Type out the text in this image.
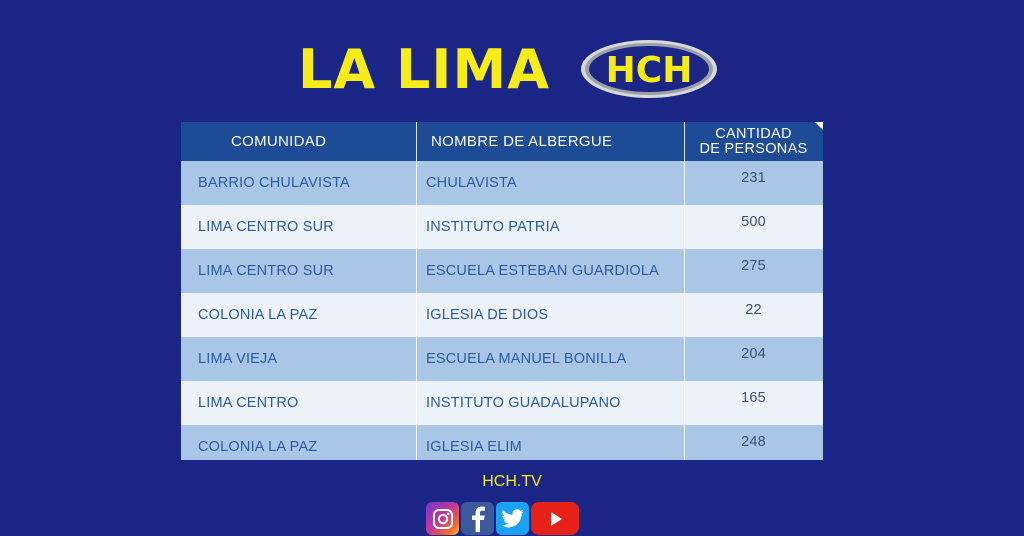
LA LIMA HCH
COMUNIDAD	NOMBRE DE ALBERGUE	CANTIDAD
DE PERSONAS
BARRIO CHULAVISTA	CHULAVISTA	231
LIMA CENTRO SUR	INSTITUTO PATRIA	500
LIMA CENTRO SUR	ESCUELA ESTEBAN GUARDIOLA	275
COLONIA LA PAZ	IGLESIA DE DIOS	22
LIMA VIEJA	ESCUELA MANUEL BONILLA	204
LIMA CENTRO	INSTITUTO GUADALUPANO	165
COLONIA LA PAZ	IGLESIA ELIM	248
HCH.TV
